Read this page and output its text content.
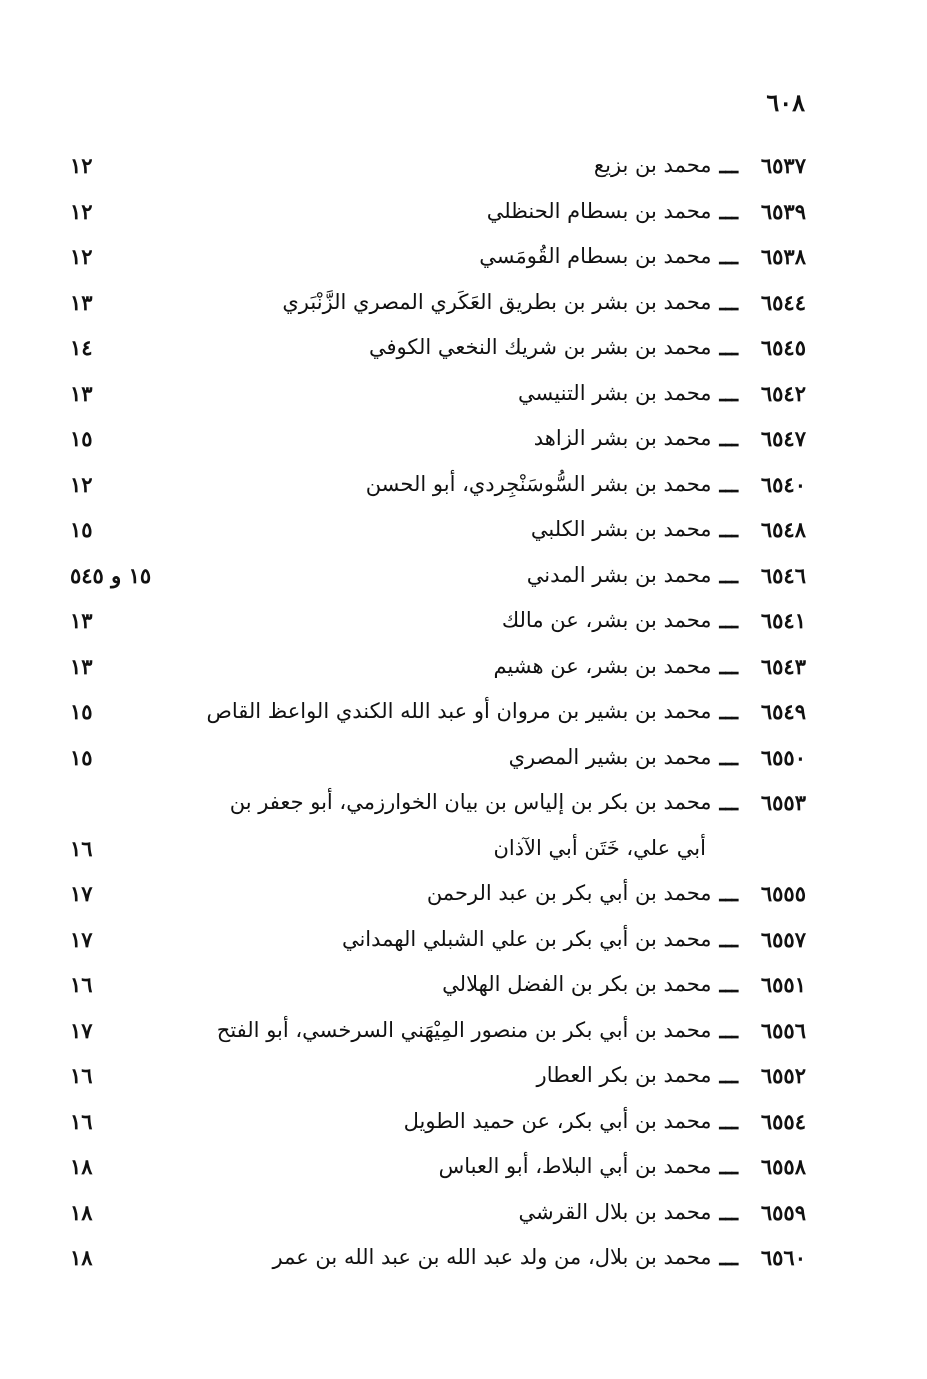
٦٠٨
٦٥٣٧
ـــ
محمد بن بزيع
١٢
٦٥٣٩
ـــ
محمد بن بسطام الحنظلي
١٢
٦٥٣٨
ـــ
محمد بن بسطام القُومَسي
١٢
٦٥٤٤
ـــ
محمد بن بشر بن بطريق العَكَري المصري الزَّنْبَري
١٣
٦٥٤٥
ـــ
محمد بن بشر بن شريك النخعي الكوفي
١٤
٦٥٤٢
ـــ
محمد بن بشر التنيسي
١٣
٦٥٤٧
ـــ
محمد بن بشر الزاهد
١٥
٦٥٤٠
ـــ
محمد بن بشر السُّوسَنْجِردي، أبو الحسن
١٢
٦٥٤٨
ـــ
محمد بن بشر الكلبي
١٥
٦٥٤٦
ـــ
محمد بن بشر المدني
١٥ و ٥٤٥
٦٥٤١
ـــ
محمد بن بشر، عن مالك
١٣
٦٥٤٣
ـــ
محمد بن بشر، عن هشيم
١٣
٦٥٤٩
ـــ
محمد بن بشير بن مروان أو عبد الله الكندي الواعظ القاص
١٥
٦٥٥٠
ـــ
محمد بن بشير المصري
١٥
٦٥٥٣
ـــ
محمد بن بكر بن إلياس بن بيان الخوارزمي، أبو جعفر بن
أبي علي، خَتَن أبي الآذان
١٦
٦٥٥٥
ـــ
محمد بن أبي بكر بن عبد الرحمن
١٧
٦٥٥٧
ـــ
محمد بن أبي بكر بن علي الشبلي الهمداني
١٧
٦٥٥١
ـــ
محمد بن بكر بن الفضل الهلالي
١٦
٦٥٥٦
ـــ
محمد بن أبي بكر بن منصور المِيْهَني السرخسي، أبو الفتح
١٧
٦٥٥٢
ـــ
محمد بن بكر العطار
١٦
٦٥٥٤
ـــ
محمد بن أبي بكر، عن حميد الطويل
١٦
٦٥٥٨
ـــ
محمد بن أبي البلاط، أبو العباس
١٨
٦٥٥٩
ـــ
محمد بن بلال القرشي
١٨
٦٥٦٠
ـــ
محمد بن بلال، من ولد عبد الله بن عبد الله بن عمر
١٨
